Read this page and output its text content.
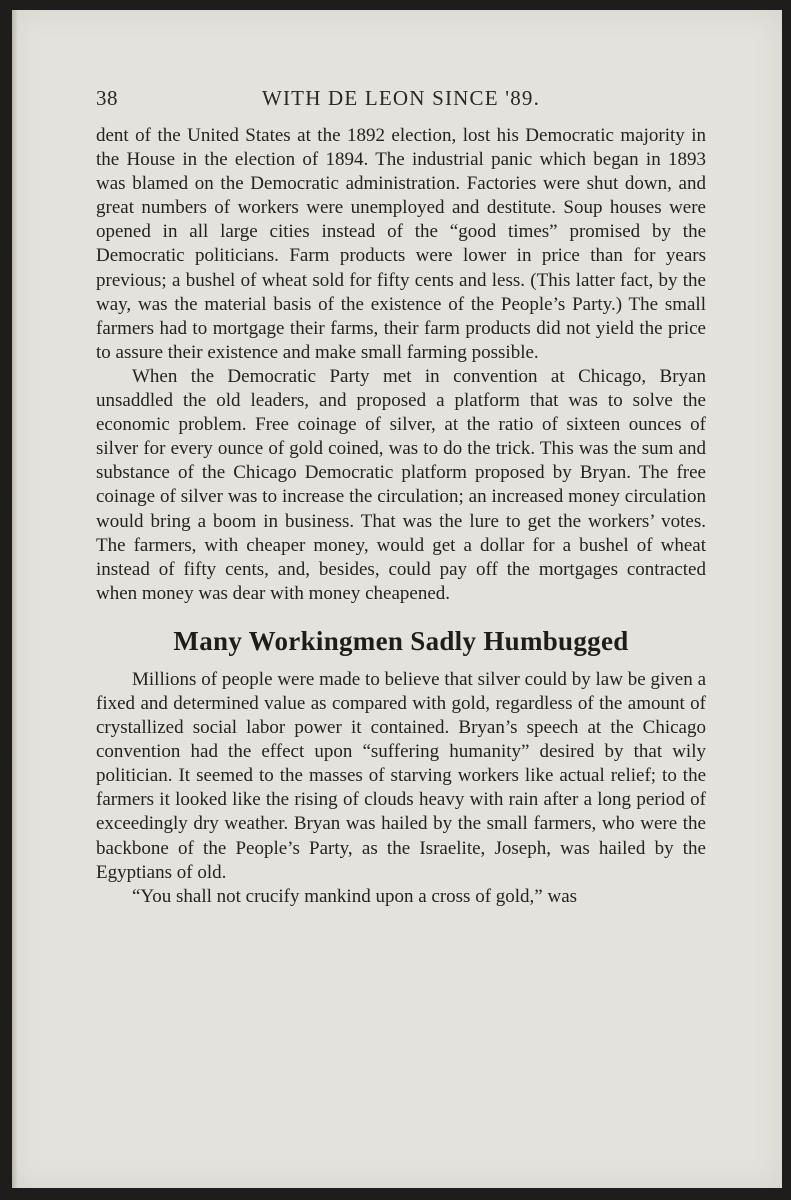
38	WITH DE LEON SINCE '89.

dent of the United States at the 1892 election, lost his Democratic majority in the House in the election of 1894. The industrial panic which began in 1893 was blamed on the Democratic administration. Factories were shut down, and great numbers of workers were unemployed and destitute. Soup houses were opened in all large cities instead of the “good times” promised by the Democratic politicians. Farm products were lower in price than for years previous; a bushel of wheat sold for fifty cents and less. (This latter fact, by the way, was the material basis of the existence of the People’s Party.) The small farmers had to mortgage their farms, their farm products did not yield the price to assure their existence and make small farming possible.

When the Democratic Party met in convention at Chicago, Bryan unsaddled the old leaders, and proposed a platform that was to solve the economic problem. Free coinage of silver, at the ratio of sixteen ounces of silver for every ounce of gold coined, was to do the trick. This was the sum and substance of the Chicago Democratic platform proposed by Bryan. The free coinage of silver was to increase the circulation; an increased money circulation would bring a boom in business. That was the lure to get the workers’ votes. The farmers, with cheaper money, would get a dollar for a bushel of wheat instead of fifty cents, and, besides, could pay off the mortgages contracted when money was dear with money cheapened.

Many Workingmen Sadly Humbugged

Millions of people were made to believe that silver could by law be given a fixed and determined value as compared with gold, regardless of the amount of crystallized social labor power it contained. Bryan’s speech at the Chicago convention had the effect upon “suffering humanity” desired by that wily politician. It seemed to the masses of starving workers like actual relief; to the farmers it looked like the rising of clouds heavy with rain after a long period of exceedingly dry weather. Bryan was hailed by the small farmers, who were the backbone of the People’s Party, as the Israelite, Joseph, was hailed by the Egyptians of old.

“You shall not crucify mankind upon a cross of gold,” was
